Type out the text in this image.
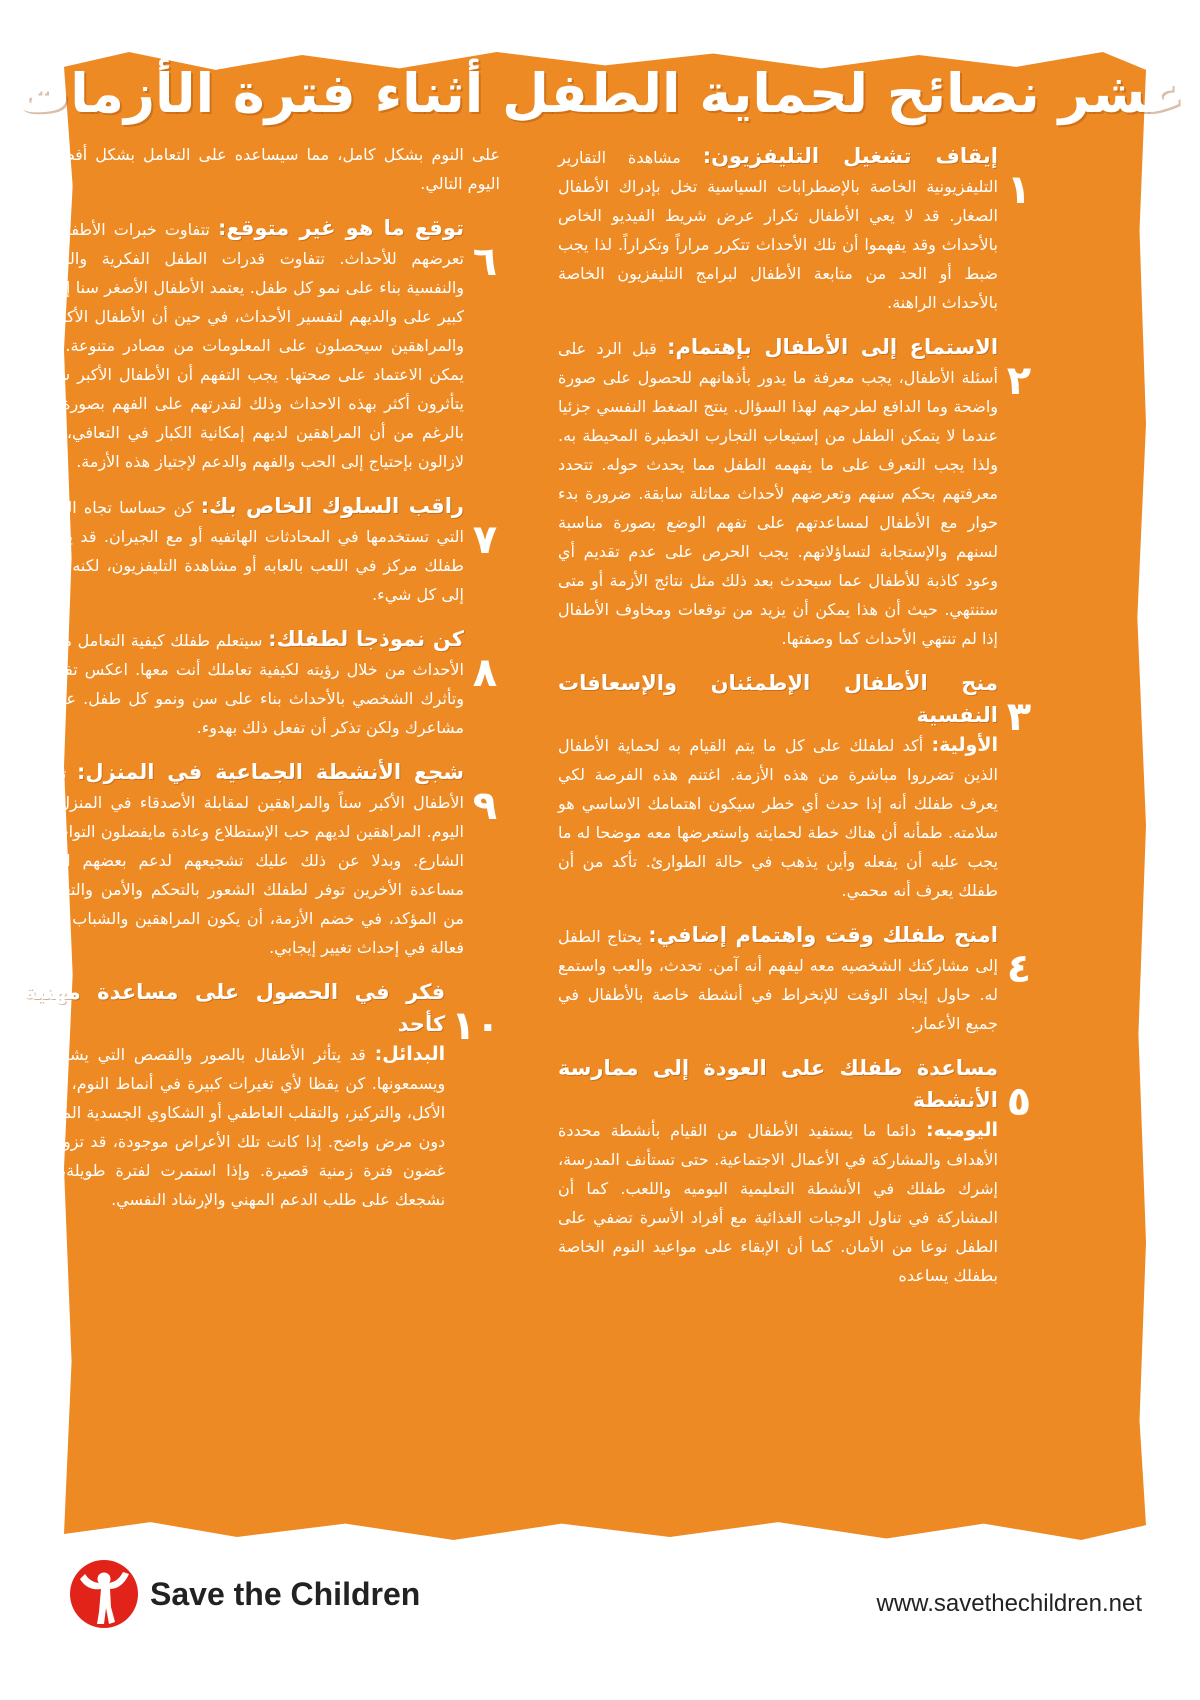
عشر نصائح لحماية الطفل أثناء فترة الأزمات
١
إيقاف تشغيل التليفزيون: مشاهدة التقارير التليفزيونية الخاصة بالإضطرابات السياسية تخل بإدراك الأطفال الصغار. قد لا يعي الأطفال تكرار عرض شريط الفيديو الخاص بالأحداث وقد يفهموا أن تلك الأحداث تتكرر مراراً وتكراراً. لذا يجب ضبط أو الحد من متابعة الأطفال لبرامج التليفزيون الخاصة بالأحداث الراهنة.
٢
الاستماع إلى الأطفال بإهتمام: قبل الرد على أسئلة الأطفال، يجب معرفة ما يدور بأذهانهم للحصول على صورة واضحة وما الدافع لطرحهم لهذا السؤال. ينتج الضغط النفسي جزئيا عندما لا يتمكن الطفل من إستيعاب التجارب الخطيرة المحيطة به. ولذا يجب التعرف على ما يفهمه الطفل مما يحدث حوله. تتحدد معرفتهم بحكم سنهم وتعرضهم لأحداث مماثلة سابقة. ضرورة بدء حوار مع الأطفال لمساعدتهم على تفهم الوضع بصورة مناسبة لسنهم والإستجابة لتساؤلاتهم. يجب الحرص على عدم تقديم أي وعود كاذبة للأطفال عما سيحدث بعد ذلك مثل نتائج الأزمة أو متى ستنتهي. حيث أن هذا يمكن أن يزيد من توقعات ومخاوف الأطفال إذا لم تنتهي الأحداث كما وصفتها.
٣
منح الأطفال الإطمئنان والإسعافات النفسية
الأولية: أكد لطفلك على كل ما يتم القيام به لحماية الأطفال الذين تضرروا مباشرة من هذه الأزمة. اغتنم هذه الفرصة لكي يعرف طفلك أنه إذا حدث أي خطر سيكون اهتمامك الاساسي هو سلامته. طمأنه أن هناك خطة لحمايته واستعرضها معه موضحا له ما يجب عليه أن يفعله وأين يذهب في حالة الطوارئ. تأكد من أن طفلك يعرف أنه محمي.
٤
امنح طفلك وقت واهتمام إضافي: يحتاج الطفل إلى مشاركتك الشخصيه معه ليفهم أنه آمن. تحدث، والعب واستمع له. حاول إيجاد الوقت للإنخراط في أنشطة خاصة بالأطفال في جميع الأعمار.
٥
مساعدة طفلك على العودة إلى ممارسة الأنشطة
اليوميه: دائما ما يستفيد الأطفال من القيام بأنشطة محددة الأهداف والمشاركة في الأعمال الاجتماعية. حتى تستأنف المدرسة، إشرك طفلك في الأنشطة التعليمية اليوميه واللعب. كما أن المشاركة في تناول الوجبات الغذائية مع أفراد الأسرة تضفي على الطفل نوعا من الأمان. كما أن الإبقاء على مواعيد النوم الخاصة بطفلك يساعده
على النوم بشكل كامل، مما سيساعده على التعامل بشكل أفضل مع اليوم التالي.
٦
توقع ما هو غير متوقع: تتفاوت خبرات الأطفال عند تعرضهم للأحداث. تتفاوت قدرات الطفل الفكرية والجسدية والنفسية بناء على نمو كل طفل. يعتمد الأطفال الأصغر سنا إلى حد كبير على والديهم لتفسير الأحداث، في حين أن الأطفال الأكبر سنا والمراهقين سيحصلون على المعلومات من مصادر متنوعة. قد لا يمكن الاعتماد على صحتها. يجب التفهم أن الأطفال الأكبر سنا قد يتأثرون أكثر بهذه الاحداث وذلك لقدرتهم على الفهم بصورة أكبر. بالرغم من أن المراهقين لديهم إمكانية الكبار في التعافي، فإنهم لازالون بإحتياج إلى الحب والفهم والدعم لإجتياز هذه الأزمة.
٧
راقب السلوك الخاص بك: كن حساسا تجاه الكلمات التي تستخدمها في المحادثات الهاتفيه أو مع الجيران. قد يبدو أن طفلك مركز في اللعب بالعابه أو مشاهدة التليفزيون، لكنه يستمع إلى كل شيء.
٨
كن نموذجا لطفلك: سيتعلم طفلك كيفية التعامل مع هذه الأحداث من خلال رؤيته لكيفية تعاملك أنت معها. اعكس تفسيرك وتأثرك الشخصي بالأحداث بناء على سن ونمو كل طفل. عبر عن مشاعرك ولكن تذكر أن تفعل ذلك بهدوء.
٩
شجع الأنشطة الجماعية في المنزل: تشجيع الأطفال الأكبر سناً والمراهقين لمقابلة الأصدقاء في المنزل أثناء اليوم. المراهقين لديهم حب الإستطلاع وعادة مايفضلون التواجد في الشارع. وبدلا عن ذلك عليك تشجيعهم لدعم بعضهم البعض. مساعدة الأخرين توفر لطفلك الشعور بالتحكم والأمن والتعاطف. من المؤكد، في خضم الأزمة، أن يكون المراهقين والشباب عناصر فعالة في إحداث تغيير إيجابي.
١٠
فكر في الحصول على مساعدة مهنية كأحد
البدائل: قد يتأثر الأطفال بالصور والقصص التي يشاهدونها ويسمعونها. كن يقظا لأي تغيرات كبيرة في أنماط النوم، عادات الأكل، والتركيز، والتقلب العاطفي أو الشكاوي الجسدية المتكررة دون مرض واضح. إذا كانت تلك الأعراض موجودة، قد تزول في غضون فترة زمنية قصيرة. وإذا استمرت لفترة طويلة، نحن نشجعك على طلب الدعم المهني والإرشاد النفسي.
Save the Children	www.savethechildren.net
